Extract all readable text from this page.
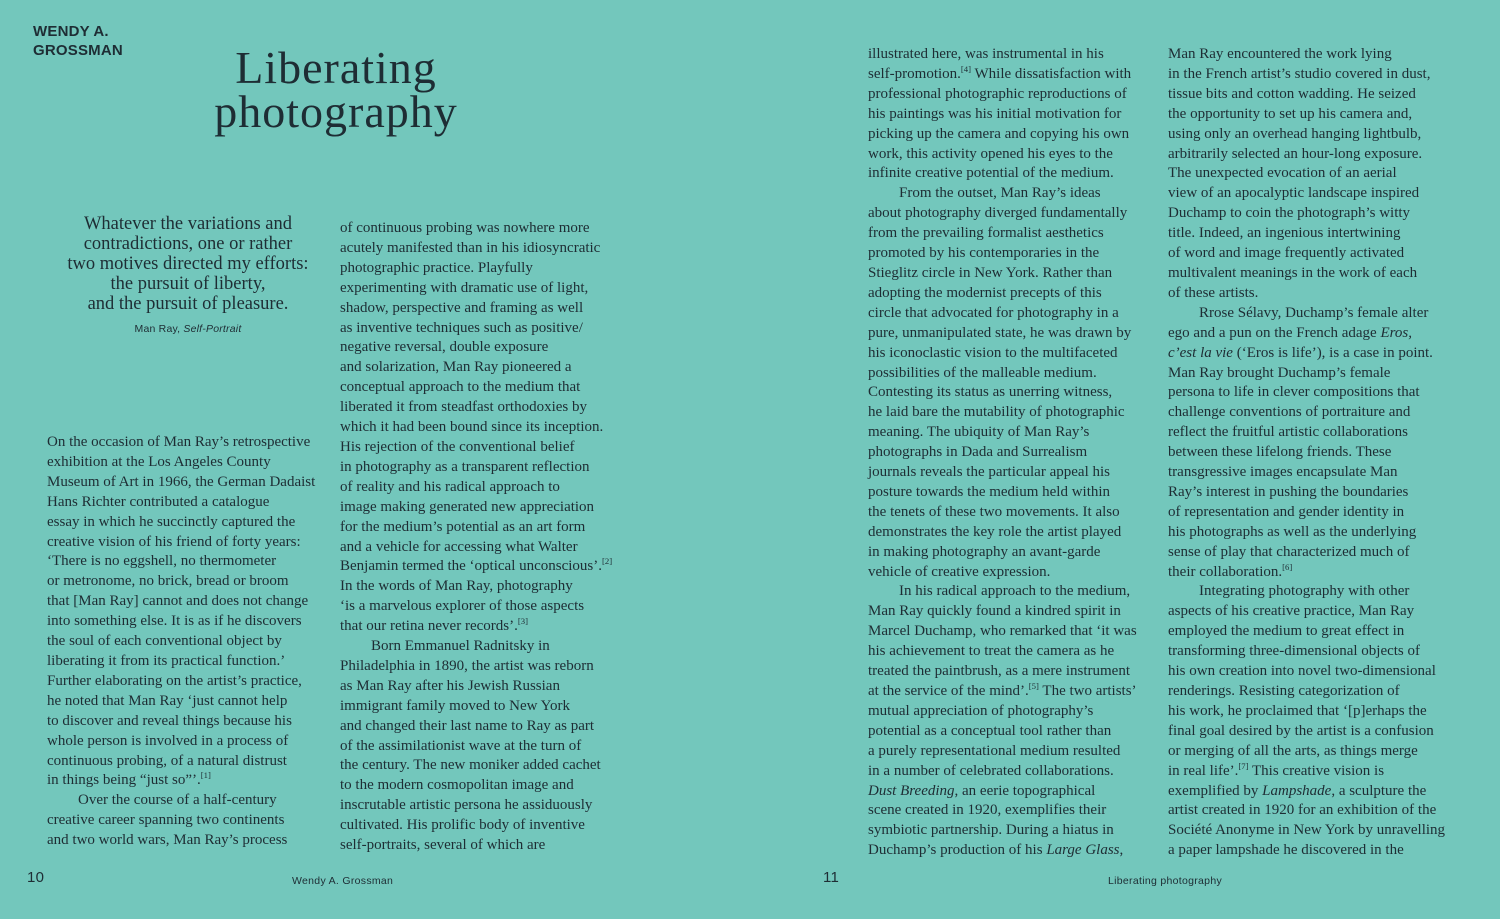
WENDY A.
GROSSMAN	Liberating
photography
Whatever the variations and
contradictions, one or rather
two motives directed my efforts:
the pursuit of liberty,
and the pursuit of pleasure.
Man Ray, Self-Portrait
On the occasion of Man Ray’s retrospective
exhibition at the Los Angeles County
Museum of Art in 1966, the German Dadaist
Hans Richter contributed a catalogue
essay in which he succinctly captured the
creative vision of his friend of forty years:
‘There is no eggshell, no thermometer
or metronome, no brick, bread or broom
that [Man Ray] cannot and does not change
into something else. It is as if he discovers
the soul of each conventional object by
liberating it from its practical function.’
Further elaborating on the artist’s practice,
he noted that Man Ray ‘just cannot help
to discover and reveal things because his
whole person is involved in a process of
continuous probing, of a natural distrust
in things being “just so”’.[1]
Over the course of a half-century
creative career spanning two continents
and two world wars, Man Ray’s process
of continuous probing was nowhere more
acutely manifested than in his idiosyncratic
photographic practice. Playfully
experimenting with dramatic use of light,
shadow, perspective and framing as well
as inventive techniques such as positive/
negative reversal, double exposure
and solarization, Man Ray pioneered a
conceptual approach to the medium that
liberated it from steadfast orthodoxies by
which it had been bound since its inception.
His rejection of the conventional belief
in photography as a transparent reflection
of reality and his radical approach to
image making generated new appreciation
for the medium’s potential as an art form
and a vehicle for accessing what Walter
Benjamin termed the ‘optical unconscious’.[2]
In the words of Man Ray, photography
‘is a marvelous explorer of those aspects
that our retina never records’.[3]
Born Emmanuel Radnitsky in
Philadelphia in 1890, the artist was reborn
as Man Ray after his Jewish Russian
immigrant family moved to New York
and changed their last name to Ray as part
of the assimilationist wave at the turn of
the century. The new moniker added cachet
to the modern cosmopolitan image and
inscrutable artistic persona he assiduously
cultivated. His prolific body of inventive
self-portraits, several of which are
illustrated here, was instrumental in his
self-promotion.[4] While dissatisfaction with
professional photographic reproductions of
his paintings was his initial motivation for
picking up the camera and copying his own
work, this activity opened his eyes to the
infinite creative potential of the medium.
From the outset, Man Ray’s ideas
about photography diverged fundamentally
from the prevailing formalist aesthetics
promoted by his contemporaries in the
Stieglitz circle in New York. Rather than
adopting the modernist precepts of this
circle that advocated for photography in a
pure, unmanipulated state, he was drawn by
his iconoclastic vision to the multifaceted
possibilities of the malleable medium.
Contesting its status as unerring witness,
he laid bare the mutability of photographic
meaning. The ubiquity of Man Ray’s
photographs in Dada and Surrealism
journals reveals the particular appeal his
posture towards the medium held within
the tenets of these two movements. It also
demonstrates the key role the artist played
in making photography an avant-garde
vehicle of creative expression.
In his radical approach to the medium,
Man Ray quickly found a kindred spirit in
Marcel Duchamp, who remarked that ‘it was
his achievement to treat the camera as he
treated the paintbrush, as a mere instrument
at the service of the mind’.[5] The two artists’
mutual appreciation of photography’s
potential as a conceptual tool rather than
a purely representational medium resulted
in a number of celebrated collaborations.
Dust Breeding, an eerie topographical
scene created in 1920, exemplifies their
symbiotic partnership. During a hiatus in
Duchamp’s production of his Large Glass,
Man Ray encountered the work lying
in the French artist’s studio covered in dust,
tissue bits and cotton wadding. He seized
the opportunity to set up his camera and,
using only an overhead hanging lightbulb,
arbitrarily selected an hour-long exposure.
The unexpected evocation of an aerial
view of an apocalyptic landscape inspired
Duchamp to coin the photograph’s witty
title. Indeed, an ingenious intertwining
of word and image frequently activated
multivalent meanings in the work of each
of these artists.
Rrose Sélavy, Duchamp’s female alter
ego and a pun on the French adage Eros,
c’est la vie (‘Eros is life’), is a case in point.
Man Ray brought Duchamp’s female
persona to life in clever compositions that
challenge conventions of portraiture and
reflect the fruitful artistic collaborations
between these lifelong friends. These
transgressive images encapsulate Man
Ray’s interest in pushing the boundaries
of representation and gender identity in
his photographs as well as the underlying
sense of play that characterized much of
their collaboration.[6]
Integrating photography with other
aspects of his creative practice, Man Ray
employed the medium to great effect in
transforming three-dimensional objects of
his own creation into novel two-dimensional
renderings. Resisting categorization of
his work, he proclaimed that ‘[p]erhaps the
final goal desired by the artist is a confusion
or merging of all the arts, as things merge
in real life’.[7] This creative vision is
exemplified by Lampshade, a sculpture the
artist created in 1920 for an exhibition of the
Société Anonyme in New York by unravelling
a paper lampshade he discovered in the
10	Wendy A. Grossman	11	Liberating photography
